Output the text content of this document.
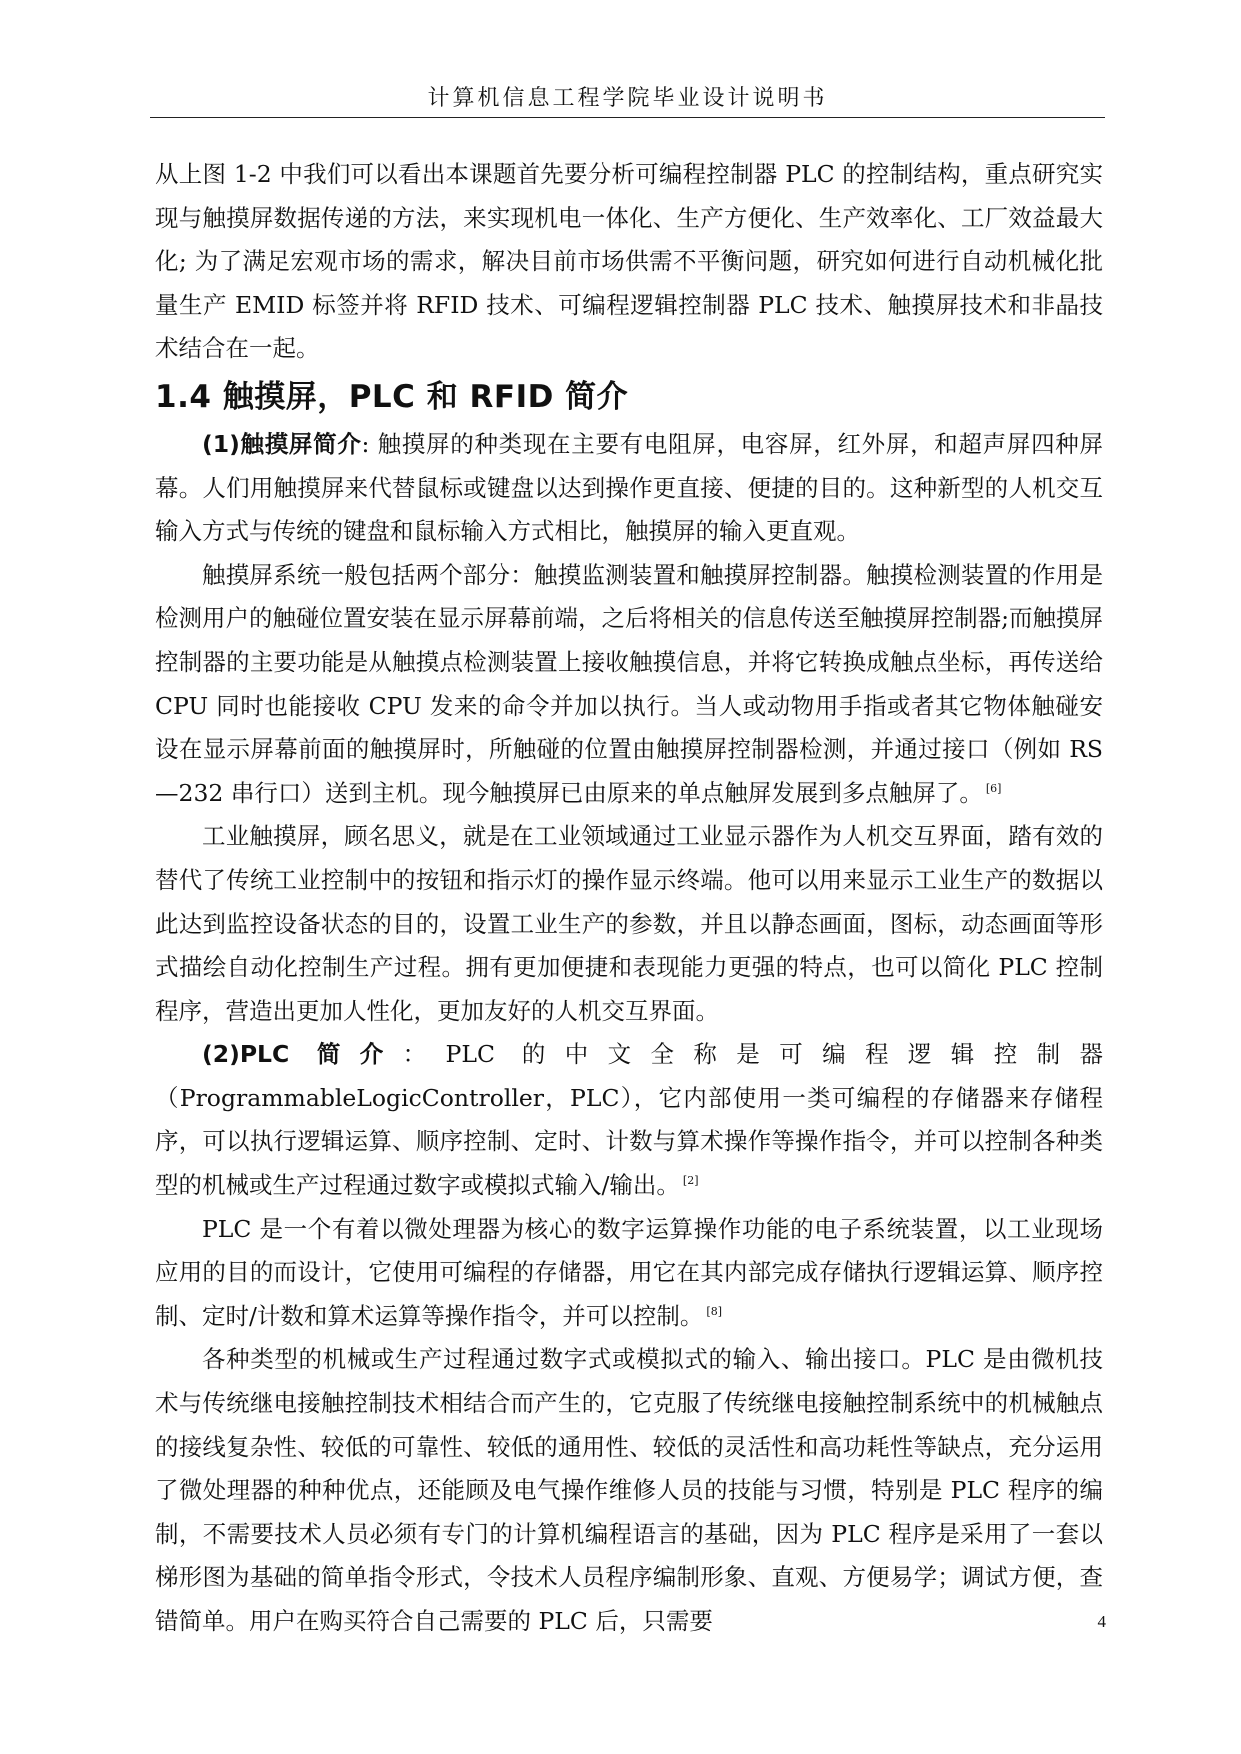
计算机信息工程学院毕业设计说明书

从上图 1-2 中我们可以看出本课题首先要分析可编程控制器 PLC 的控制结构，重点研究实现与触摸屏数据传递的方法，来实现机电一体化、生产方便化、生产效率化、工厂效益最大化; 为了满足宏观市场的需求，解决目前市场供需不平衡问题，研究如何进行自动机械化批量生产 EMID 标签并将 RFID 技术、可编程逻辑控制器 PLC 技术、触摸屏技术和非晶技术结合在一起。

1.4 触摸屏，PLC 和 RFID 简介

(1)触摸屏简介: 触摸屏的种类现在主要有电阻屏，电容屏，红外屏，和超声屏四种屏幕。人们用触摸屏来代替鼠标或键盘以达到操作更直接、便捷的目的。这种新型的人机交互输入方式与传统的键盘和鼠标输入方式相比，触摸屏的输入更直观。

触摸屏系统一般包括两个部分：触摸监测装置和触摸屏控制器。触摸检测装置的作用是检测用户的触碰位置安装在显示屏幕前端，之后将相关的信息传送至触摸屏控制器;而触摸屏控制器的主要功能是从触摸点检测装置上接收触摸信息，并将它转换成触点坐标，再传送给 CPU 同时也能接收 CPU 发来的命令并加以执行。当人或动物用手指或者其它物体触碰安设在显示屏幕前面的触摸屏时，所触碰的位置由触摸屏控制器检测，并通过接口（例如 RS—232 串行口）送到主机。现今触摸屏已由原来的单点触屏发展到多点触屏了。 [6]

工业触摸屏，顾名思义，就是在工业领域通过工业显示器作为人机交互界面，踏有效的替代了传统工业控制中的按钮和指示灯的操作显示终端。他可以用来显示工业生产的数据以此达到监控设备状态的目的，设置工业生产的参数，并且以静态画面，图标，动态画面等形式描绘自动化控制生产过程。拥有更加便捷和表现能力更强的特点，也可以简化 PLC 控制程序，营造出更加人性化，更加友好的人机交互界面。

(2)PLC 简介：PLC 的中文全称是可编程逻辑控制器（ProgrammableLogicController，PLC），它内部使用一类可编程的存储器来存储程序，可以执行逻辑运算、顺序控制、定时、计数与算术操作等操作指令，并可以控制各种类型的机械或生产过程通过数字或模拟式输入/输出。 [2]

PLC 是一个有着以微处理器为核心的数字运算操作功能的电子系统装置，以工业现场应用的目的而设计，它使用可编程的存储器，用它在其内部完成存储执行逻辑运算、顺序控制、定时/计数和算术运算等操作指令，并可以控制。 [8]

各种类型的机械或生产过程通过数字式或模拟式的输入、输出接口。PLC 是由微机技术与传统继电接触控制技术相结合而产生的，它克服了传统继电接触控制系统中的机械触点的接线复杂性、较低的可靠性、较低的通用性、较低的灵活性和高功耗性等缺点，充分运用了微处理器的种种优点，还能顾及电气操作维修人员的技能与习惯，特别是 PLC 程序的编制，不需要技术人员必须有专门的计算机编程语言的基础，因为 PLC 程序是采用了一套以梯形图为基础的简单指令形式，令技术人员程序编制形象、直观、方便易学；调试方便，查错简单。用户在购买符合自己需要的 PLC 后，只需要	4
